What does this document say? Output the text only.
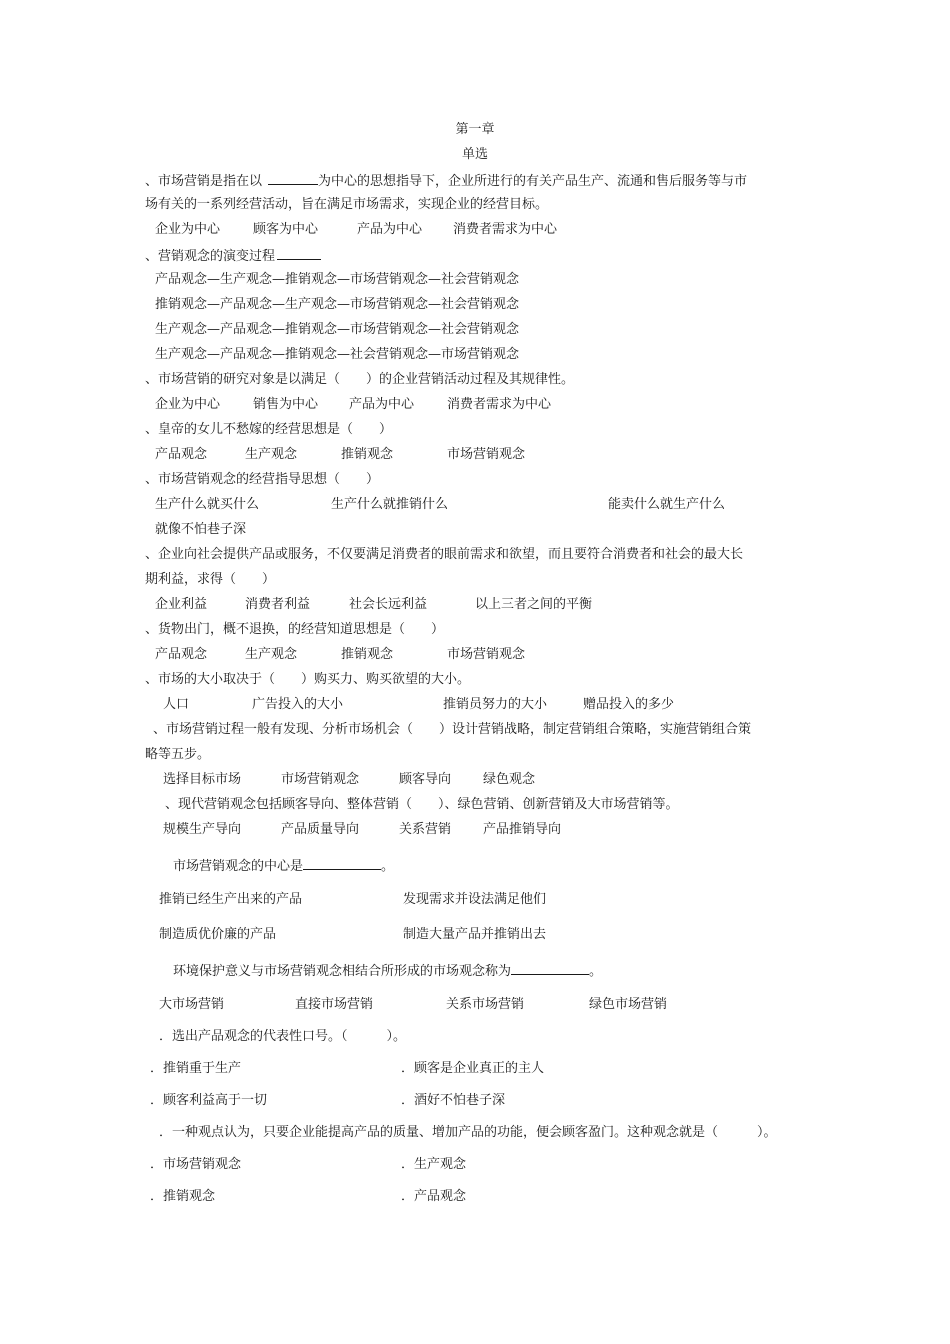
第一章
单选
、市场营销是指在以	为中心的思想指导下，企业所进行的有关产品生产、流通和售后服务等与市
场有关的一系列经营活动，旨在满足市场需求，实现企业的经营目标。
企业为中心	顾客为中心	产品为中心 消费者需求为中心
、营销观念的演变过程
产品观念—生产观念—推销观念—市场营销观念—社会营销观念
推销观念—产品观念—生产观念—市场营销观念—社会营销观念
生产观念—产品观念—推销观念—市场营销观念—社会营销观念
生产观念—产品观念—推销观念—社会营销观念—市场营销观念
、市场营销的研究对象是以满足（　　）的企业营销活动过程及其规律性。
企业为中心	销售为中心 产品为中心	消费者需求为中心
、皇帝的女儿不愁嫁的经营思想是（　　）
产品观念	生产观念	推销观念	市场营销观念
、市场营销观念的经营指导思想（　　）
生产什么就买什么	生产什么就推销什么	能卖什么就生产什么
就像不怕巷子深
、企业向社会提供产品或服务，不仅要满足消费者的眼前需求和欲望，而且要符合消费者和社会的最大长
期利益，求得（　　）
企业利益	消费者利益	社会长远利益	以上三者之间的平衡
、货物出门，概不退换，的经营知道思想是（　　）
产品观念	生产观念	推销观念	市场营销观念
、市场的大小取决于（　　）购买力、购买欲望的大小。
人口	广告投入的大小	推销员努力的大小	赠品投入的多少
、市场营销过程一般有发现、分析市场机会（　　）设计营销战略，制定营销组合策略，实施营销组合策
略等五步。
选择目标市场	市场营销观念	顾客导向 绿色观念
、现代营销观念包括顾客导向、整体营销（　　）、绿色营销、创新营销及大市场营销等。
规模生产导向	产品质量导向	关系营销 产品推销导向
市场营销观念的中心是	。
推销已经生产出来的产品	发现需求并设法满足他们
制造质优价廉的产品	制造大量产品并推销出去
环境保护意义与市场营销观念相结合所形成的市场观念称为	。
大市场营销	直接市场营销	关系市场营销	绿色市场营销
．选出产品观念的代表性口号。（　　　）。
．推销重于生产	．顾客是企业真正的主人
．顾客利益高于一切	．酒好不怕巷子深
．一种观点认为，只要企业能提高产品的质量、增加产品的功能，便会顾客盈门。这种观念就是（　　　）。
．市场营销观念	．生产观念
．推销观念	．产品观念
